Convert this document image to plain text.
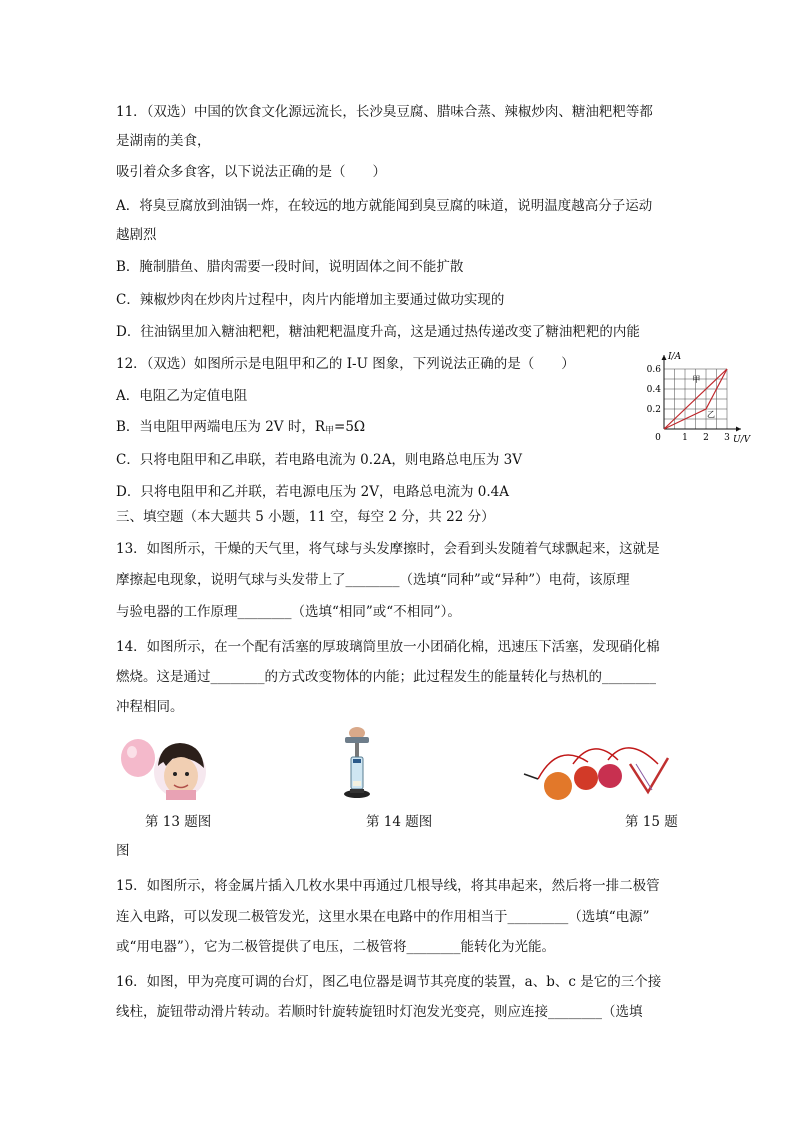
11．（双选）中国的饮食文化源远流长，长沙臭豆腐、腊味合蒸、辣椒炒肉、糖油粑粑等都
是湖南的美食，
吸引着众多食客，以下说法正确的是（　　）
A．将臭豆腐放到油锅一炸，在较远的地方就能闻到臭豆腐的味道，说明温度越高分子运动
越剧烈
B．腌制腊鱼、腊肉需要一段时间，说明固体之间不能扩散
C．辣椒炒肉在炒肉片过程中，肉片内能增加主要通过做功实现的
D．往油锅里加入糖油粑粑，糖油粑粑温度升高，这是通过热传递改变了糖油粑粑的内能
12．（双选）如图所示是电阻甲和乙的 I-U 图象，下列说法正确的是（　　）
A．电阻乙为定值电阻
B．当电阻甲两端电压为 2V 时，$R_甲=5\Omega$
C．只将电阻甲和乙串联，若电路电流为 0.2A，则电路总电压为 3V
D．只将电阻甲和乙并联，若电源电压为 2V，电路总电流为 0.4A
0 1 2 3
0.2
0.4
0.6
I/A
U/V
甲
乙
三、填空题（本大题共 5 小题，11 空，每空 2 分，共 22 分）
13．如图所示，干燥的天气里，将气球与头发摩擦时，会看到头发随着气球飘起来，这就是
摩擦起电现象，说明气球与头发带上了________（选填“同种”或“异种”）电荷，该原理
与验电器的工作原理________（选填“相同”或“不相同”）。
14．如图所示，在一个配有活塞的厚玻璃筒里放一小团硝化棉，迅速压下活塞，发现硝化棉
燃烧。这是通过________的方式改变物体的内能；此过程发生的能量转化与热机的________
冲程相同。
第 13 题图	第 14 题图	第 15 题
图
15．如图所示，将金属片插入几枚水果中再通过几根导线，将其串起来，然后将一排二极管
连入电路，可以发现二极管发光，这里水果在电路中的作用相当于_________（选填“电源”
或“用电器”），它为二极管提供了电压，二极管将________能转化为光能。
16．如图，甲为亮度可调的台灯，图乙电位器是调节其亮度的装置，a、b、c 是它的三个接
线柱，旋钮带动滑片转动。若顺时针旋转旋钮时灯泡发光变亮，则应连接________（选填
